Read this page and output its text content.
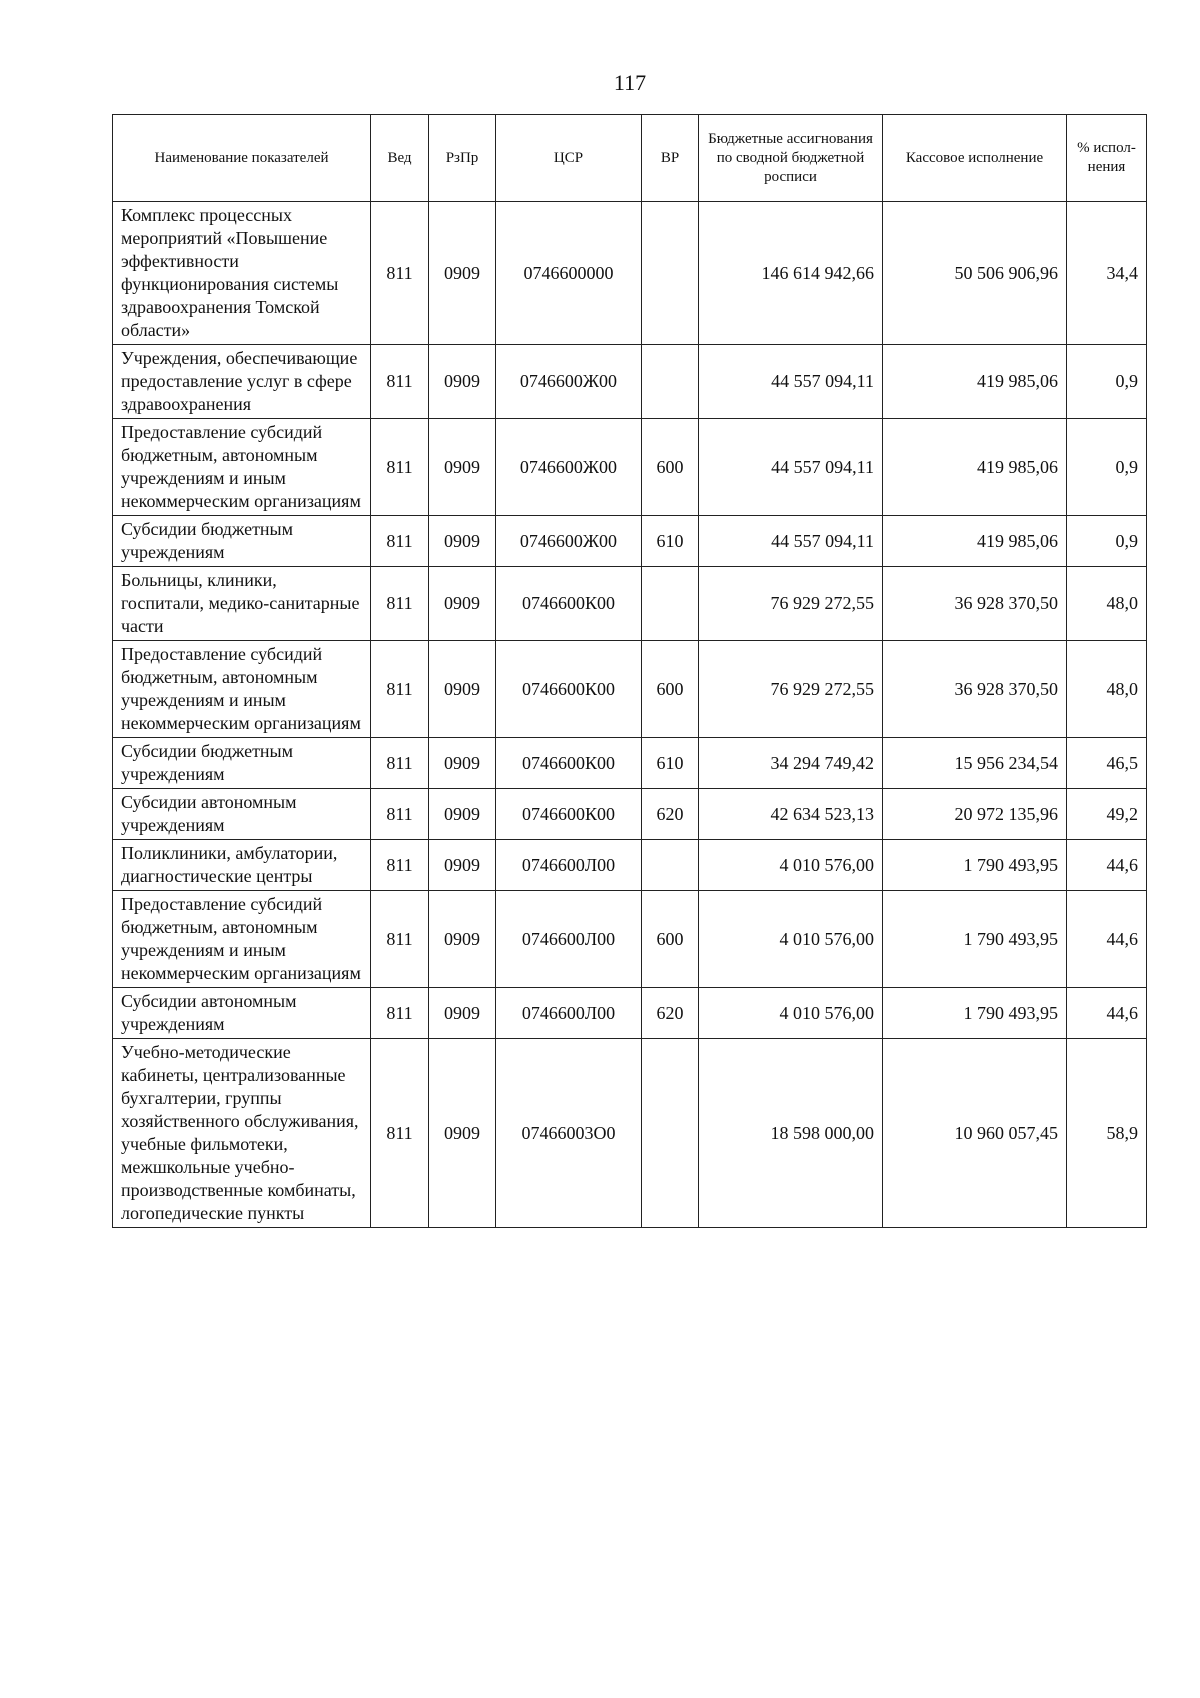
117
Наименование показателей	Вед	РзПр	ЦСР	ВР	Бюджетные ассигнования по сводной бюджетной росписи	Кассовое исполнение	% испол-нения
Комплекс процессных мероприятий «Повышение эффективности функционирования системы здравоохранения Томской области»	811	0909	0746600000		146 614 942,66	50 506 906,96	34,4
Учреждения, обеспечивающие предоставление услуг в сфере здравоохранения	811	0909	0746600Ж00		44 557 094,11	419 985,06	0,9
Предоставление субсидий бюджетным, автономным учреждениям и иным некоммерческим организациям	811	0909	0746600Ж00	600	44 557 094,11	419 985,06	0,9
Субсидии бюджетным учреждениям	811	0909	0746600Ж00	610	44 557 094,11	419 985,06	0,9
Больницы, клиники, госпитали, медико-санитарные части	811	0909	0746600К00		76 929 272,55	36 928 370,50	48,0
Предоставление субсидий бюджетным, автономным учреждениям и иным некоммерческим организациям	811	0909	0746600К00	600	76 929 272,55	36 928 370,50	48,0
Субсидии бюджетным учреждениям	811	0909	0746600К00	610	34 294 749,42	15 956 234,54	46,5
Субсидии автономным учреждениям	811	0909	0746600К00	620	42 634 523,13	20 972 135,96	49,2
Поликлиники, амбулатории, диагностические центры	811	0909	0746600Л00		4 010 576,00	1 790 493,95	44,6
Предоставление субсидий бюджетным, автономным учреждениям и иным некоммерческим организациям	811	0909	0746600Л00	600	4 010 576,00	1 790 493,95	44,6
Субсидии автономным учреждениям	811	0909	0746600Л00	620	4 010 576,00	1 790 493,95	44,6
Учебно-методические кабинеты, централизованные бухгалтерии, группы хозяйственного обслуживания, учебные фильмотеки, межшкольные учебно-производственные комбинаты, логопедические пункты	811	0909	07466003О0		18 598 000,00	10 960 057,45	58,9
